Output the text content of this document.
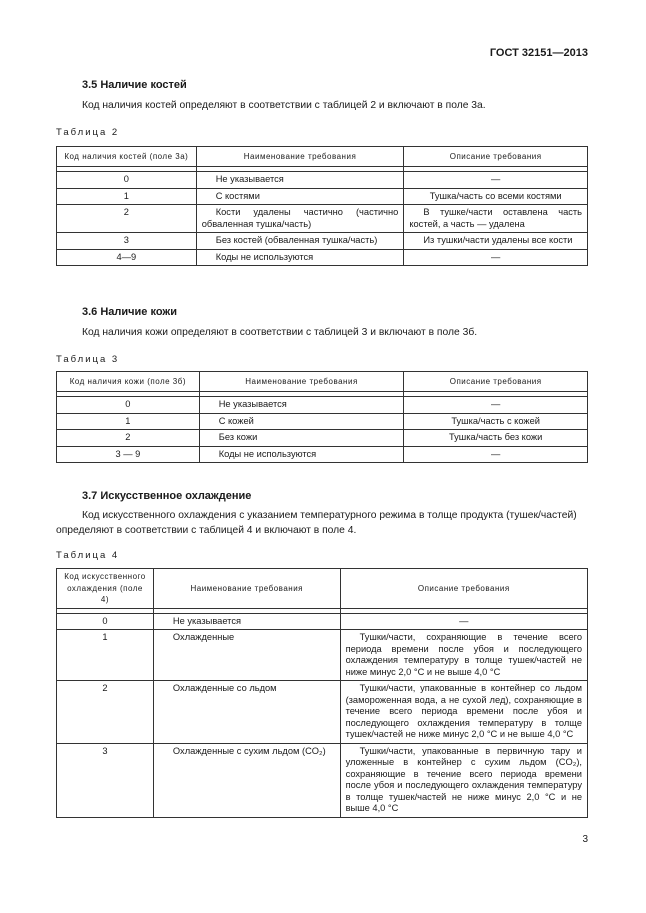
ГОСТ 32151—2013
3.5 Наличие костей
Код наличия костей определяют в соответствии с таблицей 2 и включают в поле 3а.
Таблица 2
Код наличия костей (поле 3а)	Наименование требования	Описание требования

0	Не указывается	—
1	С костями	Тушка/часть со всеми костями
2	Кости удалены частично (частично обваленная тушка/часть)	В тушке/части оставлена часть костей, а часть — удалена
3	Без костей (обваленная тушка/часть)	Из тушки/части удалены все кости
4—9	Коды не используются	—
3.6 Наличие кожи
Код наличия кожи определяют в соответствии с таблицей 3 и включают в поле 3б.
Таблица 3
Код наличия кожи (поле 3б)	Наименование требования	Описание требования

0	Не указывается	—
1	С кожей	Тушка/часть с кожей
2	Без кожи	Тушка/часть без кожи
3 — 9	Коды не используются	—
3.7 Искусственное охлаждение
Код искусственного охлаждения с указанием температурного режима в толще продукта (тушек/частей) определяют в соответствии с таблицей 4 и включают в поле 4.
Таблица 4
Код искусственного охлаждения (поле 4)	Наименование требования	Описание требования

0	Не указывается	—
1	Охлажденные	Тушки/части, сохраняющие в течение всего периода времени после убоя и последующего охлаждения температуру в толще тушек/частей не ниже минус 2,0 °С и не выше 4,0 °С
2	Охлажденные со льдом	Тушки/части, упакованные в контейнер со льдом (замороженная вода, а не сухой лед), сохраняющие в течение всего периода времени после убоя и последующего охлаждения температуру в толще тушек/частей не ниже минус 2,0 °С и не выше 4,0 °С
3	Охлажденные с сухим льдом (CO₂)	Тушки/части, упакованные в первичную тару и уложенные в контейнер с сухим льдом (CO₂), сохраняющие в течение всего периода времени после убоя и последующего охлаждения температуру в толще тушек/частей не ниже минус 2,0 °С и не выше 4,0 °С
3
